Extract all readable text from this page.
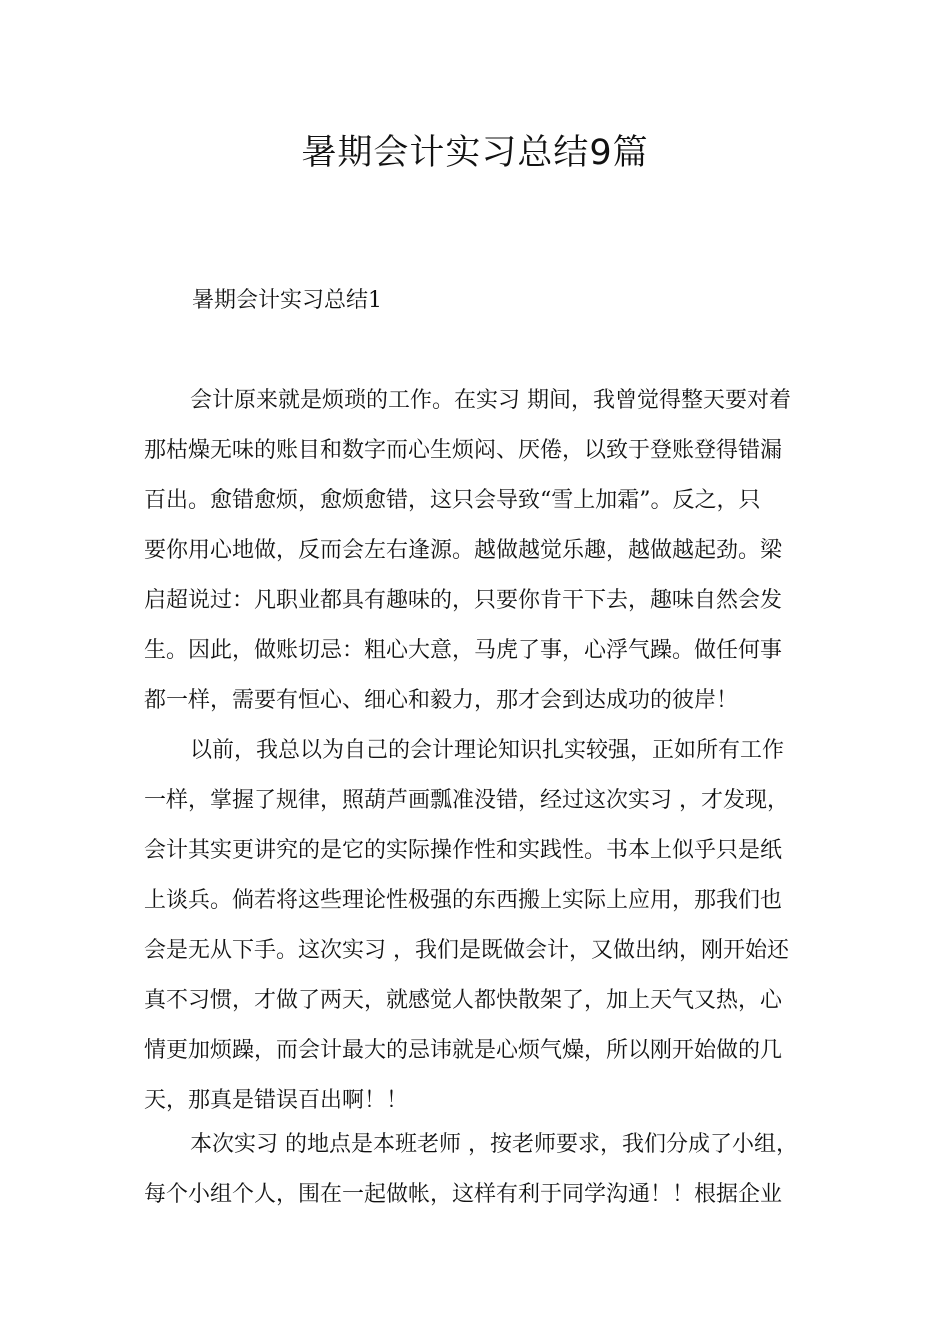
暑期会计实习总结9篇
暑期会计实习总结1
会计原来就是烦琐的工作。在实习 期间，我曾觉得整天要对着
那枯燥无味的账目和数字而心生烦闷、厌倦，以致于登账登得错漏
百出。愈错愈烦，愈烦愈错，这只会导致“雪上加霜”。反之，只
要你用心地做，反而会左右逢源。越做越觉乐趣，越做越起劲。梁
启超说过：凡职业都具有趣味的，只要你肯干下去，趣味自然会发
生。因此，做账切忌：粗心大意，马虎了事，心浮气躁。做任何事
都一样，需要有恒心、细心和毅力，那才会到达成功的彼岸！
以前，我总以为自己的会计理论知识扎实较强，正如所有工作
一样，掌握了规律，照葫芦画瓢准没错，经过这次实习 ，才发现，
会计其实更讲究的是它的实际操作性和实践性。书本上似乎只是纸
上谈兵。倘若将这些理论性极强的东西搬上实际上应用，那我们也
会是无从下手。这次实习 ，我们是既做会计，又做出纳，刚开始还
真不习惯，才做了两天，就感觉人都快散架了，加上天气又热，心
情更加烦躁，而会计最大的忌讳就是心烦气燥，所以刚开始做的几
天，那真是错误百出啊！！
本次实习 的地点是本班老师 ，按老师要求，我们分成了小组，
每个小组个人，围在一起做帐，这样有利于同学沟通！！根据企业
